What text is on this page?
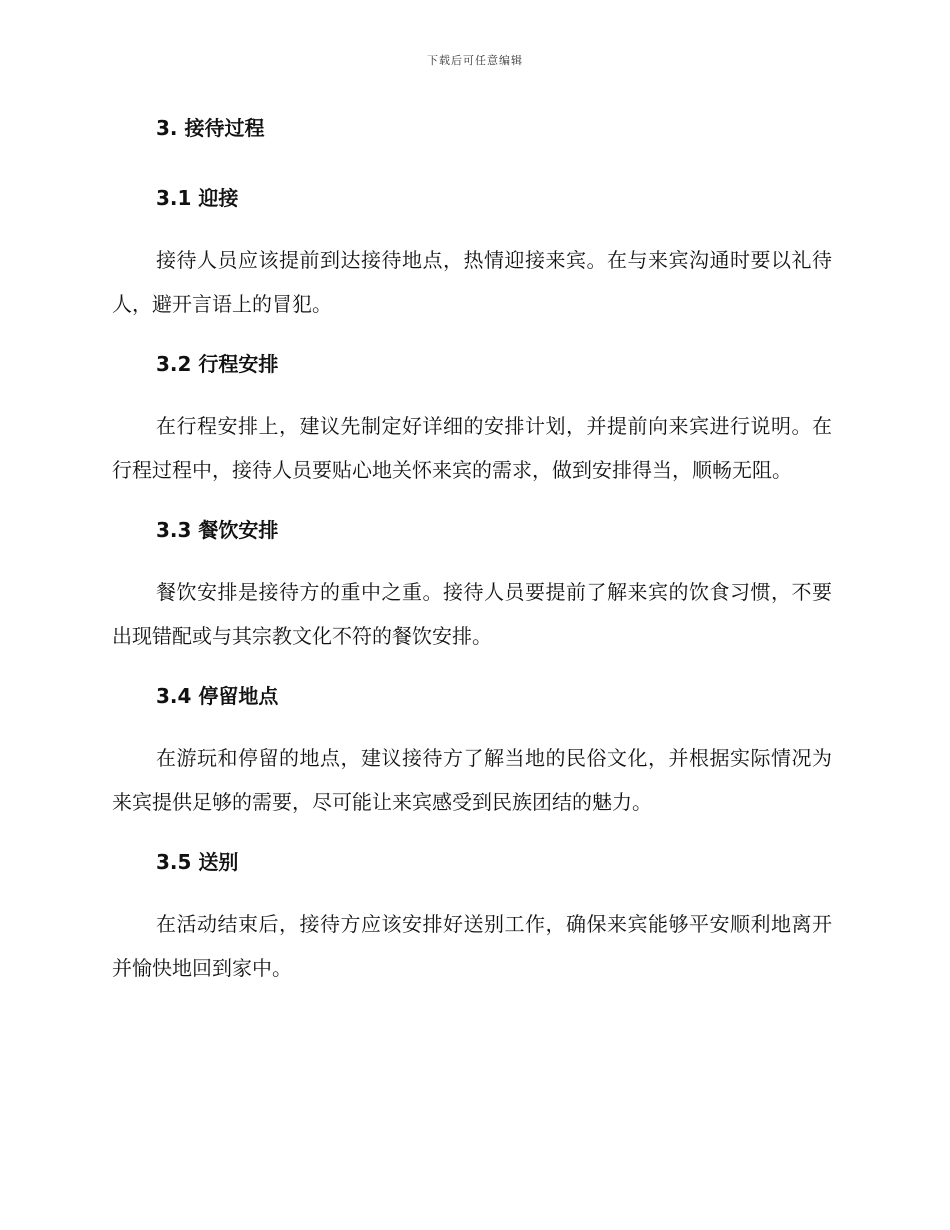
下载后可任意编辑
3. 接待过程
3.1 迎接

接待人员应该提前到达接待地点，热情迎接来宾。在与来宾沟通时要以礼待人，避开言语上的冒犯。

3.2 行程安排

在行程安排上，建议先制定好详细的安排计划，并提前向来宾进行说明。在行程过程中，接待人员要贴心地关怀来宾的需求，做到安排得当，顺畅无阻。

3.3 餐饮安排

餐饮安排是接待方的重中之重。接待人员要提前了解来宾的饮食习惯，不要出现错配或与其宗教文化不符的餐饮安排。

3.4 停留地点

在游玩和停留的地点，建议接待方了解当地的民俗文化，并根据实际情况为来宾提供足够的需要，尽可能让来宾感受到民族团结的魅力。

3.5 送别

在活动结束后，接待方应该安排好送别工作，确保来宾能够平安顺利地离开并愉快地回到家中。
